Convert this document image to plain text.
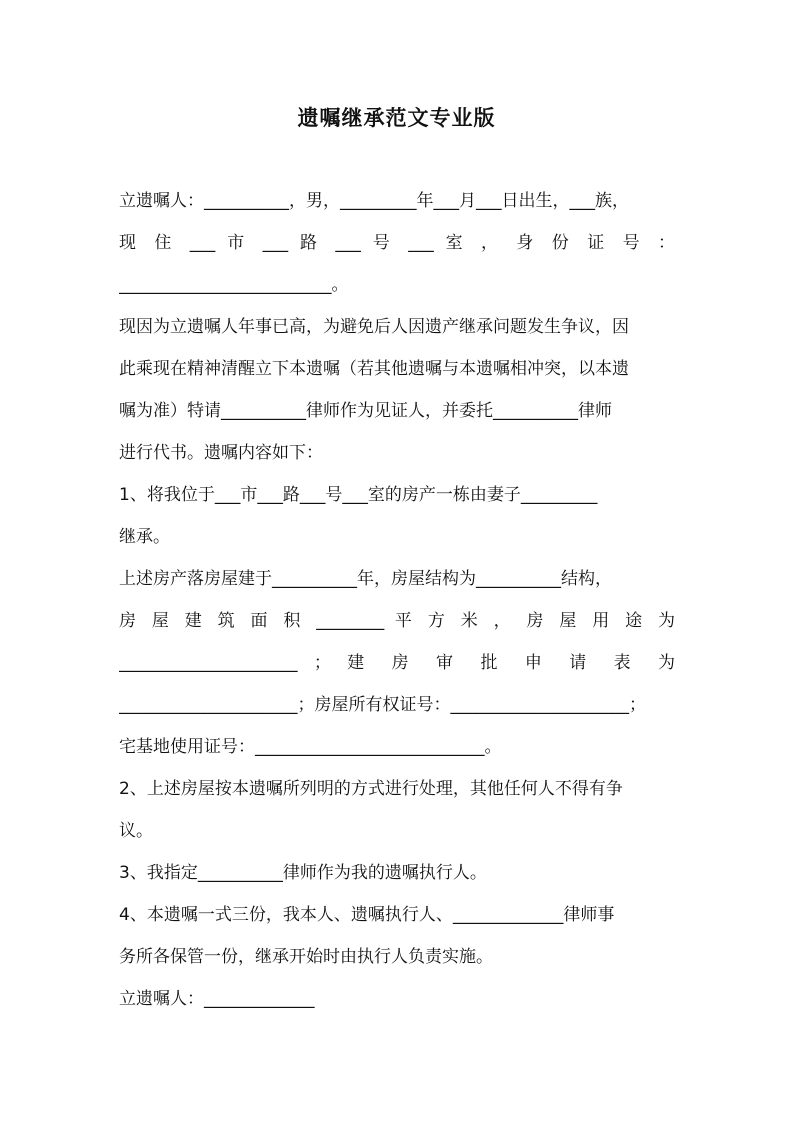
遗嘱继承范文专业版
立遗嘱人：__________，男，_________年___月___日出生，___族，
现 住 ___ 市 ___ 路 ___ 号 ___ 室 ， 身 份 证 号 ：
_________________________。
现因为立遗嘱人年事已高，为避免后人因遗产继承问题发生争议，因
此乘现在精神清醒立下本遗嘱（若其他遗嘱与本遗嘱相冲突，以本遗
嘱为准）特请__________律师作为见证人，并委托__________律师
进行代书。遗嘱内容如下：
1、将我位于___市___路___号___室的房产一栋由妻子_________
继承。
上述房产落房屋建于__________年，房屋结构为__________结构，
房 屋 建 筑 面 积 ________ 平 方 米 ， 房 屋 用 途 为
_____________________ ； 建 房 审 批 申 请 表 为
_____________________；房屋所有权证号：_____________________；
宅基地使用证号：___________________________。
2、上述房屋按本遗嘱所列明的方式进行处理，其他任何人不得有争
议。
3、我指定__________律师作为我的遗嘱执行人。
4、本遗嘱一式三份，我本人、遗嘱执行人、_____________律师事
务所各保管一份，继承开始时由执行人负责实施。
立遗嘱人：_____________
